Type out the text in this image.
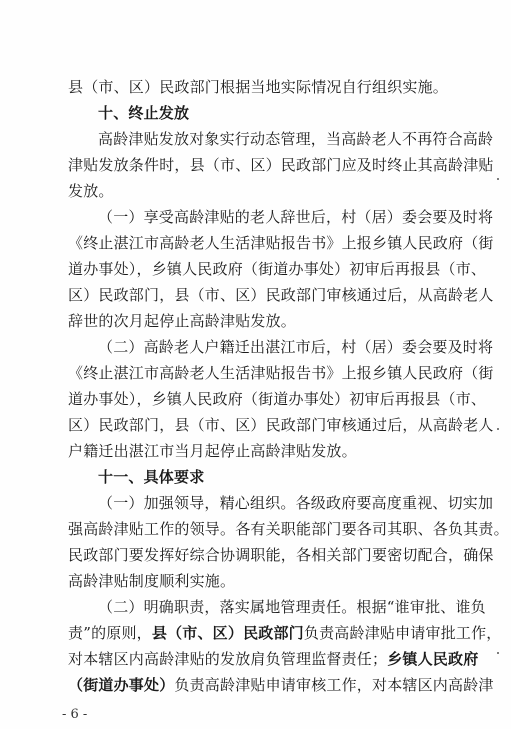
县（市、区）民政部门根据当地实际情况自行组织实施。
十、终止发放
高龄津贴发放对象实行动态管理，当高龄老人不再符合高龄
津贴发放条件时，县（市、区）民政部门应及时终止其高龄津贴
发放。
（一）享受高龄津贴的老人辞世后，村（居）委会要及时将
《终止湛江市高龄老人生活津贴报告书》上报乡镇人民政府（街
道办事处），乡镇人民政府（街道办事处）初审后再报县（市、
区）民政部门，县（市、区）民政部门审核通过后，从高龄老人
辞世的次月起停止高龄津贴发放。
（二）高龄老人户籍迁出湛江市后，村（居）委会要及时将
《终止湛江市高龄老人生活津贴报告书》上报乡镇人民政府（街
道办事处），乡镇人民政府（街道办事处）初审后再报县（市、
区）民政部门，县（市、区）民政部门审核通过后，从高龄老人
户籍迁出湛江市当月起停止高龄津贴发放。
十一、具体要求
（一）加强领导，精心组织。各级政府要高度重视、切实加
强高龄津贴工作的领导。各有关职能部门要各司其职、各负其责。
民政部门要发挥好综合协调职能，各相关部门要密切配合，确保
高龄津贴制度顺利实施。
（二）明确职责，落实属地管理责任。根据“谁审批、谁负
责”的原则，县（市、区）民政部门负责高龄津贴申请审批工作，
对本辖区内高龄津贴的发放肩负管理监督责任；乡镇人民政府
（街道办事处）负责高龄津贴申请审核工作，对本辖区内高龄津
- 6 -
